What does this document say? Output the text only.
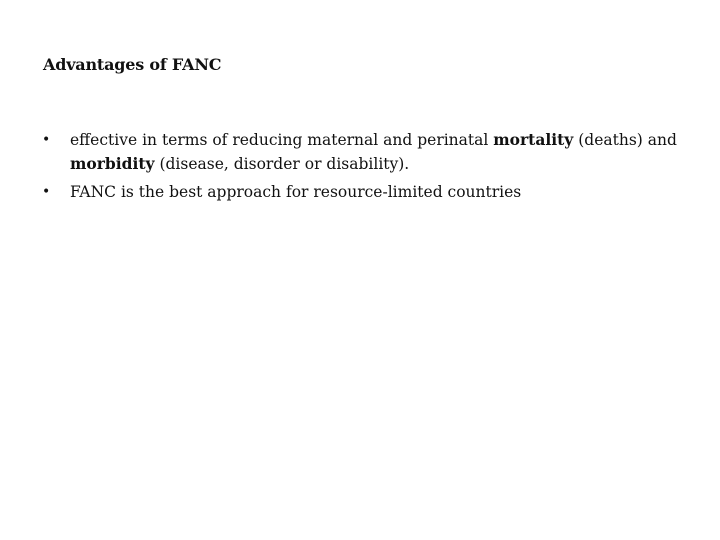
Advantages of FANC
• effective in terms of reducing maternal and perinatal mortality (deaths) and morbidity (disease, disorder or disability).
• FANC is the best approach for resource-limited countries
